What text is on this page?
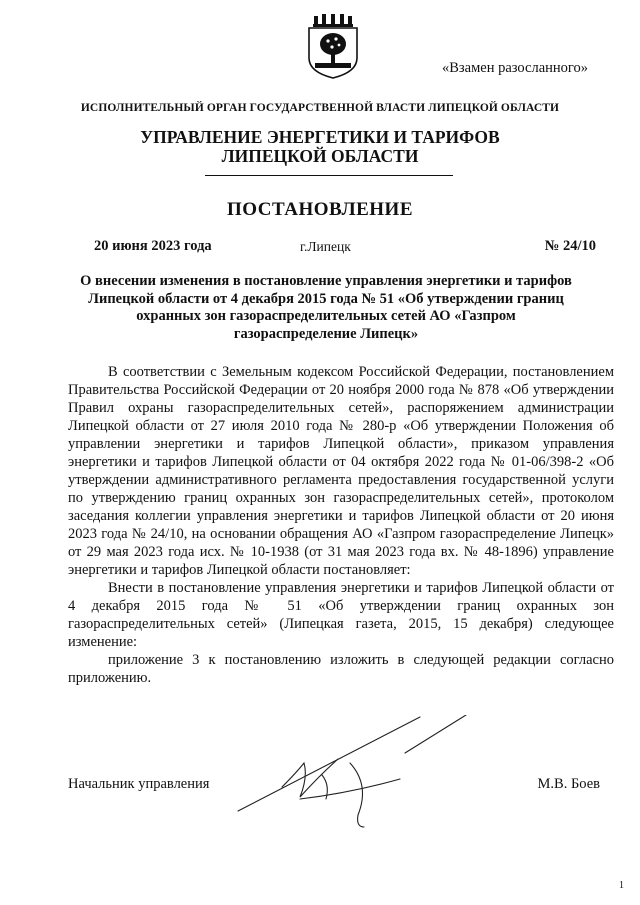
«Взамен разосланного»
ИСПОЛНИТЕЛЬНЫЙ ОРГАН ГОСУДАРСТВЕННОЙ ВЛАСТИ ЛИПЕЦКОЙ ОБЛАСТИ
УПРАВЛЕНИЕ ЭНЕРГЕТИКИ И ТАРИФОВ
ЛИПЕЦКОЙ ОБЛАСТИ
ПОСТАНОВЛЕНИЕ
20 июня 2023 года	г.Липецк	№ 24/10
О внесении изменения в постановление управления энергетики и тарифов Липецкой области от 4 декабря 2015 года № 51 «Об утверждении границ охранных зон газораспределительных сетей АО «Газпром газораспределение Липецк»

В соответствии с Земельным кодексом Российской Федерации, постановлением Правительства Российской Федерации от 20 ноября 2000 года № 878 «Об утверждении Правил охраны газораспределительных сетей», распоряжением администрации Липецкой области от 27 июля 2010 года № 280-р «Об утверждении Положения об управлении энергетики и тарифов Липецкой области», приказом управления энергетики и тарифов Липецкой области от 04 октября 2022 года № 01-06/398-2 «Об утверждении административного регламента предоставления государственной услуги по утверждению границ охранных зон газораспределительных сетей», протоколом заседания коллегии управления энергетики и тарифов Липецкой области от 20 июня 2023 года № 24/10, на основании обращения АО «Газпром газораспределение Липецк» от 29 мая 2023 года исх. № 10-1938 (от 31 мая 2023 года вх. № 48-1896) управление энергетики и тарифов Липецкой области постановляет:

Внести в постановление управления энергетики и тарифов Липецкой области от 4 декабря 2015 года № 51 «Об утверждении границ охранных зон газораспределительных сетей» (Липецкая газета, 2015, 15 декабря) следующее изменение:

приложение 3 к постановлению изложить в следующей редакции согласно приложению.

Начальник управления	М.В. Боев
1
